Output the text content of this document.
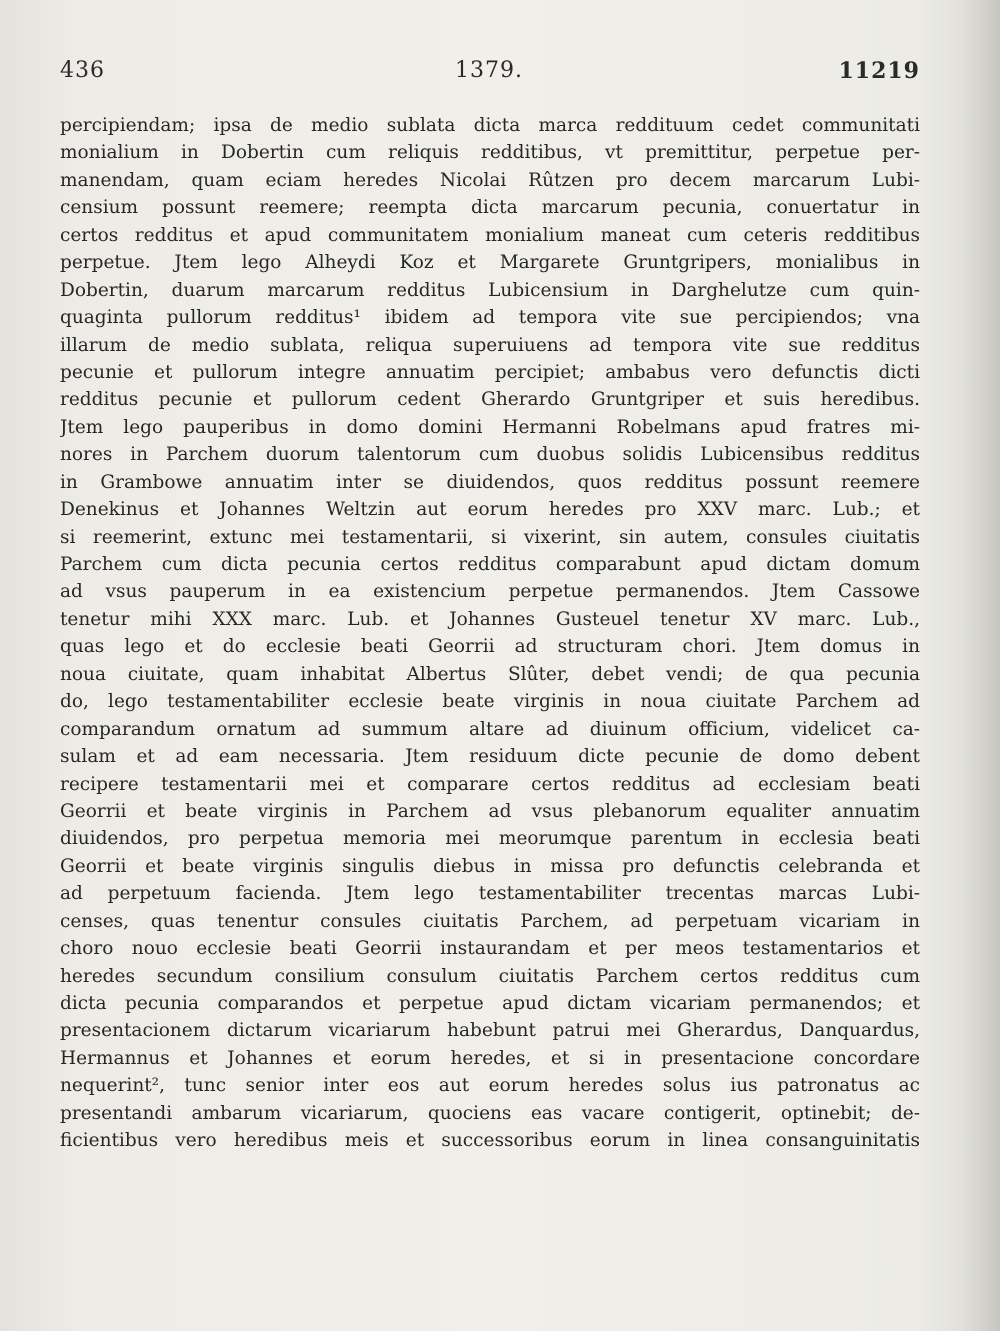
436	1379.	11219
percipiendam; ipsa de medio sublata dicta marca reddituum cedet communitati
monialium in Dobertin cum reliquis redditibus, vt premittitur, perpetue per-
manendam, quam eciam heredes Nicolai Rûtzen pro decem marcarum Lubi-
censium possunt reemere; reempta dicta marcarum pecunia, conuertatur in
certos redditus et apud communitatem monialium maneat cum ceteris redditibus
perpetue. Jtem lego Alheydi Koz et Margarete Gruntgripers, monialibus in
Dobertin, duarum marcarum redditus Lubicensium in Darghelutze cum quin-
quaginta pullorum redditus¹ ibidem ad tempora vite sue percipiendos; vna
illarum de medio sublata, reliqua superuiuens ad tempora vite sue redditus
pecunie et pullorum integre annuatim percipiet; ambabus vero defunctis dicti
redditus pecunie et pullorum cedent Gherardo Gruntgriper et suis heredibus.
Jtem lego pauperibus in domo domini Hermanni Robelmans apud fratres mi-
nores in Parchem duorum talentorum cum duobus solidis Lubicensibus redditus
in Grambowe annuatim inter se diuidendos, quos redditus possunt reemere
Denekinus et Johannes Weltzin aut eorum heredes pro XXV marc. Lub.; et
si reemerint, extunc mei testamentarii, si vixerint, sin autem, consules ciuitatis
Parchem cum dicta pecunia certos redditus comparabunt apud dictam domum
ad vsus pauperum in ea existencium perpetue permanendos. Jtem Cassowe
tenetur mihi XXX marc. Lub. et Johannes Gusteuel tenetur XV marc. Lub.,
quas lego et do ecclesie beati Georrii ad structuram chori. Jtem domus in
noua ciuitate, quam inhabitat Albertus Slûter, debet vendi; de qua pecunia
do, lego testamentabiliter ecclesie beate virginis in noua ciuitate Parchem ad
comparandum ornatum ad summum altare ad diuinum officium, videlicet ca-
sulam et ad eam necessaria. Jtem residuum dicte pecunie de domo debent
recipere testamentarii mei et comparare certos redditus ad ecclesiam beati
Georrii et beate virginis in Parchem ad vsus plebanorum equaliter annuatim
diuidendos, pro perpetua memoria mei meorumque parentum in ecclesia beati
Georrii et beate virginis singulis diebus in missa pro defunctis celebranda et
ad perpetuum facienda. Jtem lego testamentabiliter trecentas marcas Lubi-
censes, quas tenentur consules ciuitatis Parchem, ad perpetuam vicariam in
choro nouo ecclesie beati Georrii instaurandam et per meos testamentarios et
heredes secundum consilium consulum ciuitatis Parchem certos redditus cum
dicta pecunia comparandos et perpetue apud dictam vicariam permanendos; et
presentacionem dictarum vicariarum habebunt patrui mei Gherardus, Danquardus,
Hermannus et Johannes et eorum heredes, et si in presentacione concordare
nequerint², tunc senior inter eos aut eorum heredes solus ius patronatus ac
presentandi ambarum vicariarum, quociens eas vacare contigerit, optinebit; de-
ficientibus vero heredibus meis et successoribus eorum in linea consanguinitatis
